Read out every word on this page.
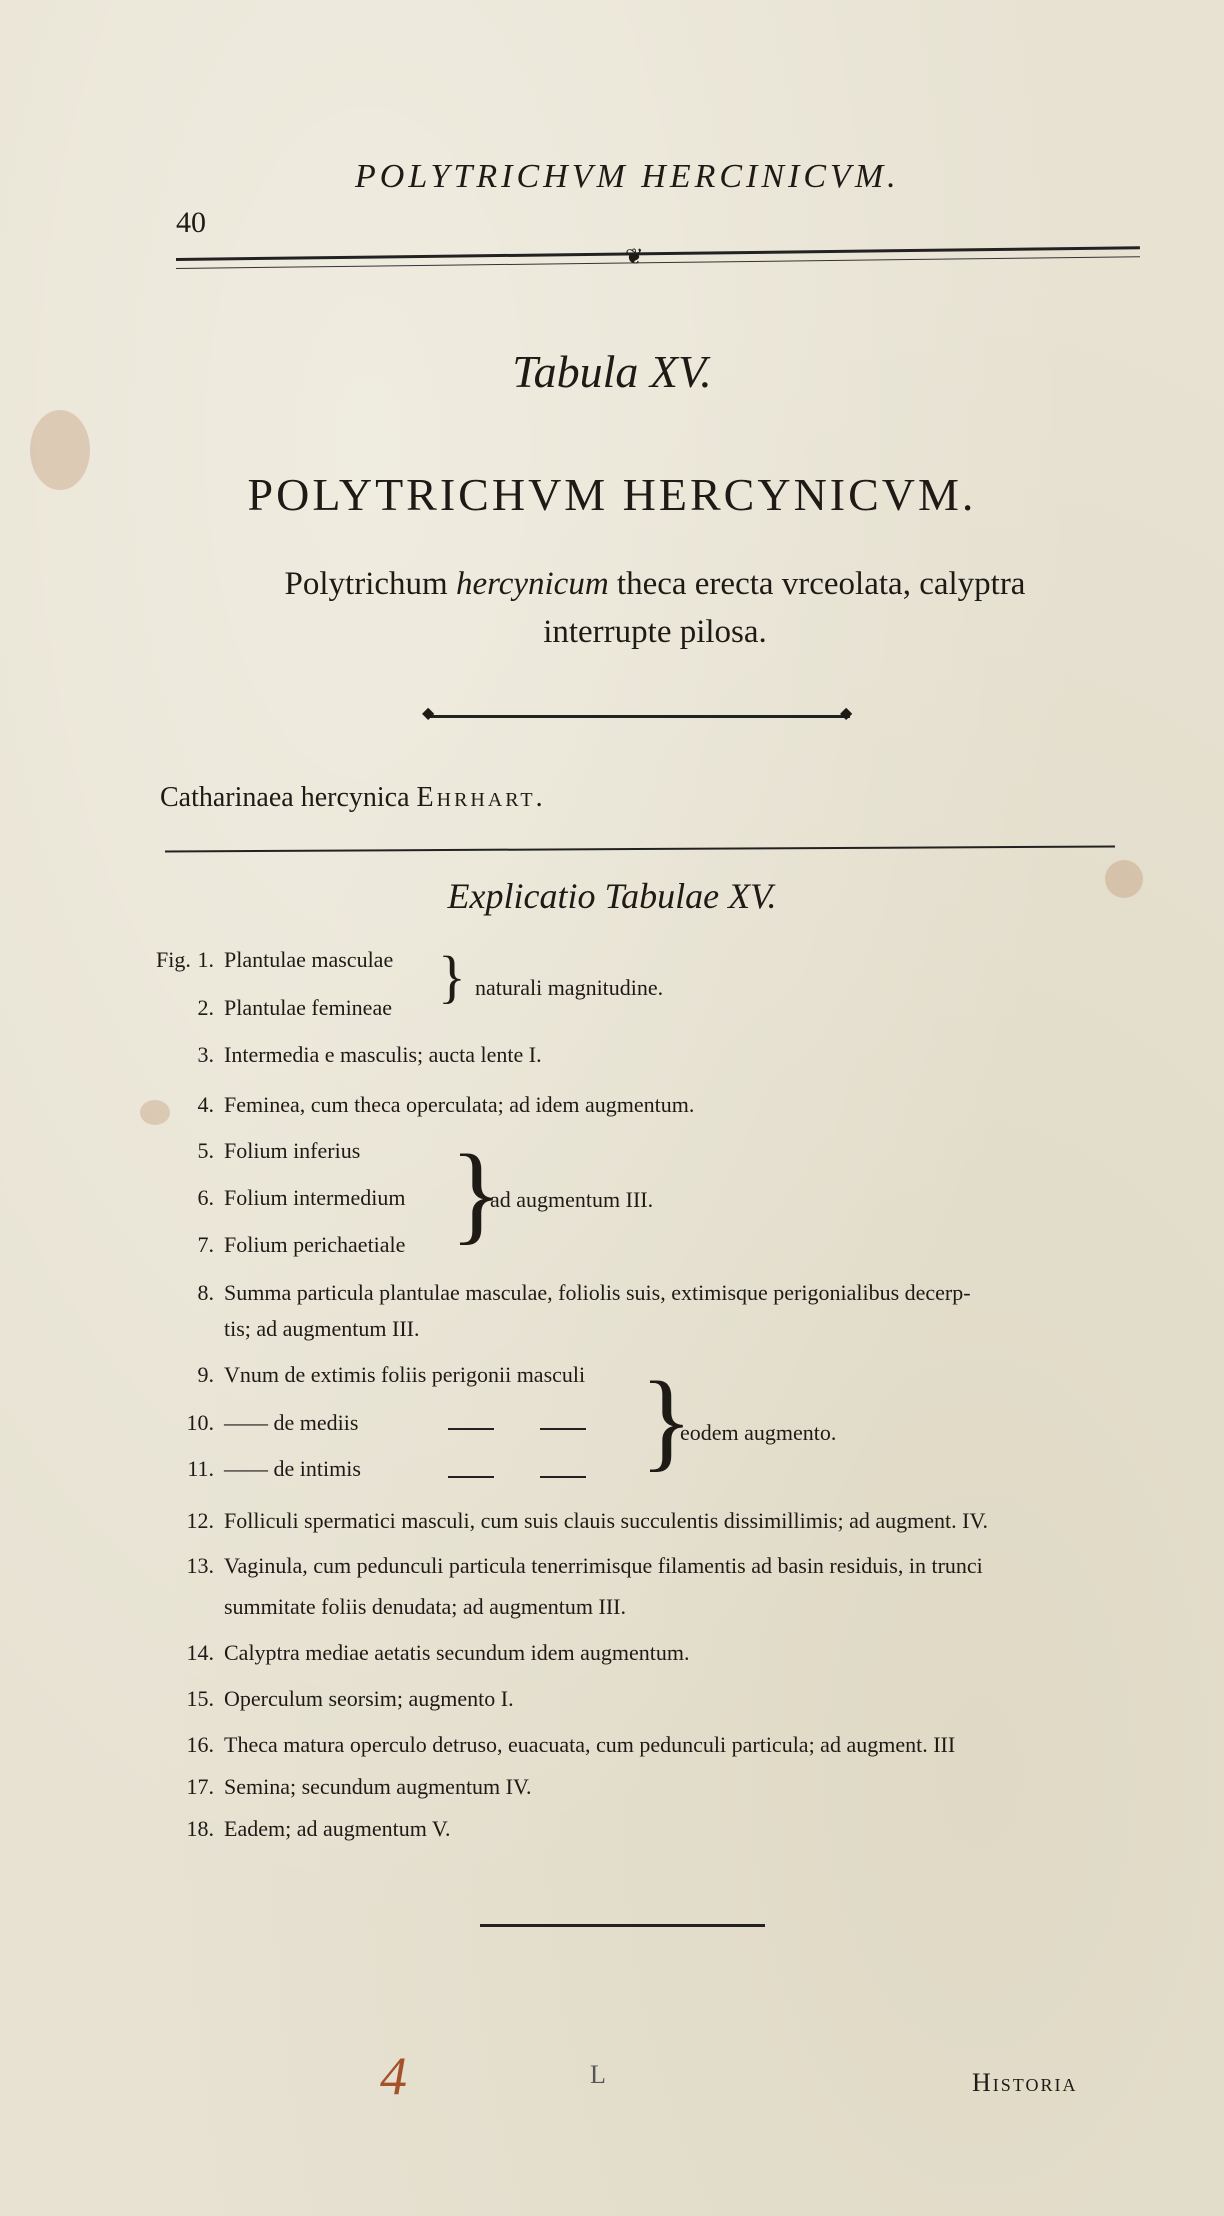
40
POLYTRICHVM HERCINICVM.
❦
Tabula XV.
POLYTRICHVM HERCYNICVM.
Polytrichum hercynicum theca erecta vrceolata, calyptra
interrupte pilosa.
◆	◆
Catharinaea hercynica Ehrhart.
Explicatio Tabulae XV.
Fig. 1. Plantulae masculae
2. Plantulae femineae } naturali magnitudine.
3. Intermedia e masculis; aucta lente I.
4. Feminea, cum theca operculata; ad idem augmentum.
5. Folium inferius
6. Folium intermedium
7. Folium perichaetiale }
ad augmentum III.
8. Summa particula plantulae masculae, foliolis suis, extimisque perigonialibus decerp-
tis; ad augmentum III.
9. Vnum de extimis foliis perigonii masculi
10. —— de mediis
11. —— de intimis	}
eodem augmento.
12. Folliculi spermatici masculi, cum suis clauis succulentis dissimillimis; ad augment. IV.
13. Vaginula, cum pedunculi particula tenerrimisque filamentis ad basin residuis, in trunci
summitate foliis denudata; ad augmentum III.
14. Calyptra mediae aetatis secundum idem augmentum.
15. Operculum seorsim; augmento I.
16. Theca matura operculo detruso, euacuata, cum pedunculi particula; ad augment. III
17. Semina; secundum augmentum IV.
18. Eadem; ad augmentum V.
4	L	Historia
